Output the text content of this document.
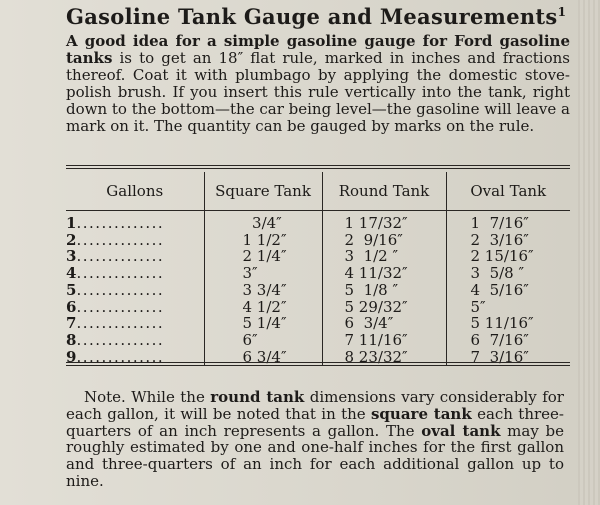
Gasoline Tank Gauge and Measurements$^1$

A good idea for a simple gasoline gauge for Ford gasoline tanks is to get an 18″ flat rule, marked in inches and fractions thereof. Coat it with plumbago by applying the domestic stove-polish brush. If you insert this rule vertically into the tank, right down to the bottom—the car being level—the gasoline will leave a mark on it. The quantity can be gauged by marks on the rule.

Gallons	Square Tank	Round Tank	Oval Tank
1..............	3/4″	1 17/32″	1  7/16″
2..............	1 1/2″	2  9/16″	2  3/16″
3..............	2 1/4″	3  1/2 ″	2 15/16″
4..............	3″	4 11/32″	3  5/8 ″
5..............	3 3/4″	5  1/8 ″	4  5/16″
6..............	4 1/2″	5 29/32″	5″
7..............	5 1/4″	6  3/4″	5 11/16″
8..............	6″	7 11/16″	6  7/16″
9..............	6 3/4″	8 23/32″	7  3/16″

Note. While the round tank dimensions vary considerably for each gallon, it will be noted that in the square tank each three-quarters of an inch represents a gallon. The oval tank may be roughly estimated by one and one-half inches for the first gallon and three-quarters of an inch for each additional gallon up to nine.
